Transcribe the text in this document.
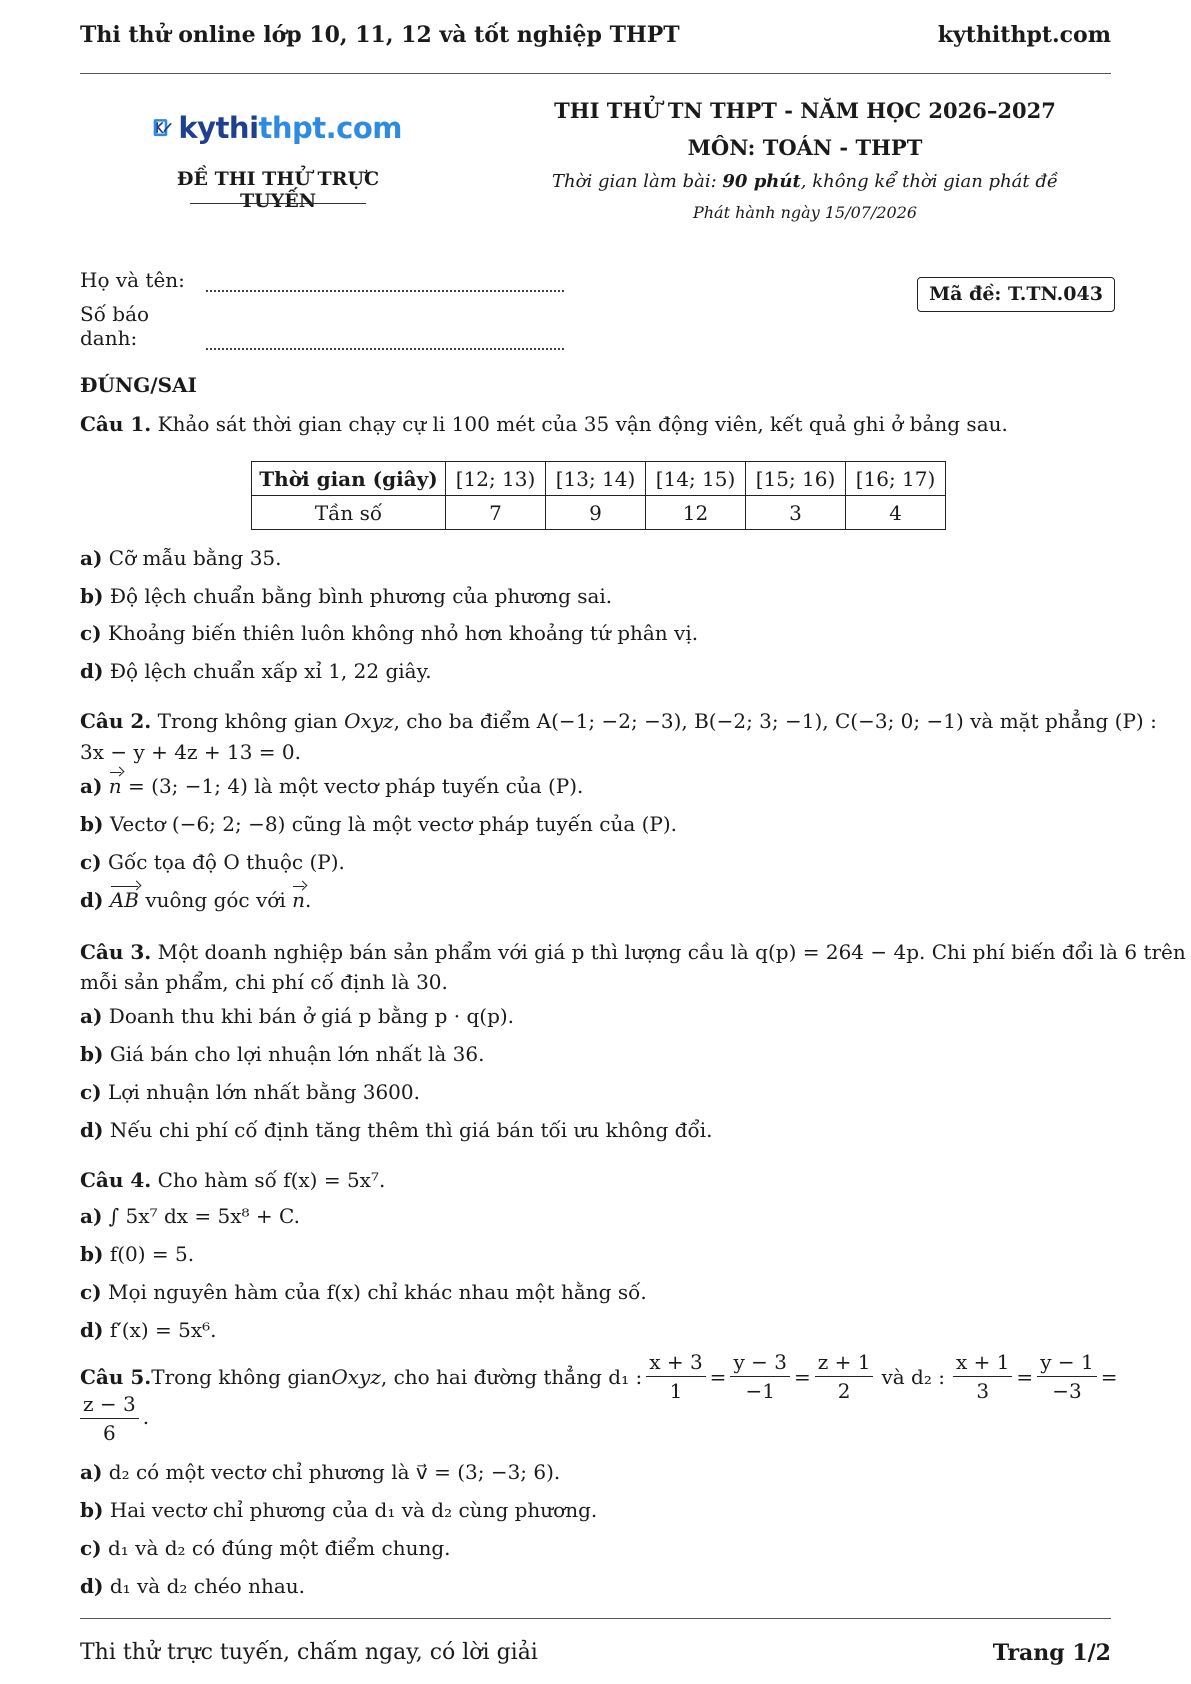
Thi thử online lớp 10, 11, 12 và tốt nghiệp THPT	kythithpt.com
kythithpt.com
ĐỀ THI THỬ TRỰC TUYẾN
THI THỬ TN THPT - NĂM HỌC 2026–2027
MÔN: TOÁN - THPT
Thời gian làm bài: 90 phút, không kể thời gian phát đề
Phát hành ngày 15/07/2026
Họ và tên:
Số báo danh:
Mã đề: T.TN.043
ĐÚNG/SAI
Câu 1. Khảo sát thời gian chạy cự li 100 mét của 35 vận động viên, kết quả ghi ở bảng sau.
Thời gian (giây)	[12; 13)	[13; 14)	[14; 15)	[15; 16)	[16; 17)
Tần số	7	9	12	3	4
a) Cỡ mẫu bằng 35.
b) Độ lệch chuẩn bằng bình phương của phương sai.
c) Khoảng biến thiên luôn không nhỏ hơn khoảng tứ phân vị.
d) Độ lệch chuẩn xấp xỉ 1, 22 giây.
Câu 2. Trong không gian Oxyz, cho ba điểm A(−1; −2; −3), B(−2; 3; −1), C(−3; 0; −1) và mặt phẳng (P) :
3x − y + 4z + 13 = 0.
a) n = (3; −1; 4) là một vectơ pháp tuyến của (P).
b) Vectơ (−6; 2; −8) cũng là một vectơ pháp tuyến của (P).
c) Gốc tọa độ O thuộc (P).
d) AB vuông góc với n.
Câu 3. Một doanh nghiệp bán sản phẩm với giá p thì lượng cầu là q(p) = 264 − 4p. Chi phí biến đổi là 6 trên
mỗi sản phẩm, chi phí cố định là 30.
a) Doanh thu khi bán ở giá p bằng p · q(p).
b) Giá bán cho lợi nhuận lớn nhất là 36.
c) Lợi nhuận lớn nhất bằng 3600.
d) Nếu chi phí cố định tăng thêm thì giá bán tối ưu không đổi.
Câu 4. Cho hàm số f(x) = 5x⁷.
a) ∫ 5x⁷ dx = 5x⁸ + C.
b) f(0) = 5.
c) Mọi nguyên hàm của f(x) chỉ khác nhau một hằng số.
d) f′(x) = 5x⁶.
Câu 5. Trong không gian Oxyz , cho hai đường thẳng d₁ : $\frac{x + 3}{1} = \frac{y - 3}{-1} = \frac{z + 1}{2}$ và d₂ : $\frac{x + 1}{3} = \frac{y - 1}{-3}$ =
$\frac{z - 3}{6}$ .
a) d₂ có một vectơ chỉ phương là v⃗ = (3; −3; 6).
b) Hai vectơ chỉ phương của d₁ và d₂ cùng phương.
c) d₁ và d₂ có đúng một điểm chung.
d) d₁ và d₂ chéo nhau.
Thi thử trực tuyến, chấm ngay, có lời giải	Trang 1/2
